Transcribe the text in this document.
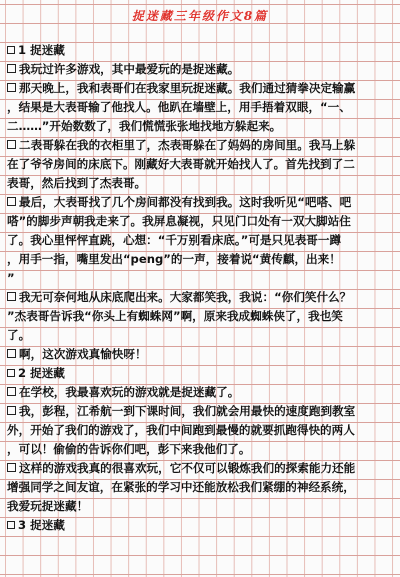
捉迷藏三年级作文8篇
1 捉迷藏
我玩过许多游戏，其中最爱玩的是捉迷藏。
那天晚上，我和表哥们在我家里玩捉迷藏。我们通过猜拳决定输赢
，结果是大表哥输了他找人。他趴在墙壁上，用手捂着双眼，“一、
二……”开始数数了，我们慌慌张张地找地方躲起来。
二表哥躲在我的衣柜里了，杰表哥躲在了妈妈的房间里。我马上躲
在了爷爷房间的床底下。刚藏好大表哥就开始找人了。首先找到了二
表哥，然后找到了杰表哥。
最后，大表哥找了几个房间都没有找到我。这时我听见“吧嗒、吧
嗒”的脚步声朝我走来了。我屏息凝视，只见门口处有一双大脚站住
了。我心里怦怦直跳，心想：“千万别看床底。”可是只见表哥一蹲
，用手一指，嘴里发出“peng”的一声，接着说“黄传麒，出来！
”
我无可奈何地从床底爬出来。大家都笑我，我说：“你们笑什么？
”杰表哥告诉我“你头上有蜘蛛网”啊，原来我成蜘蛛侠了，我也笑
了。
啊，这次游戏真愉快呀！
2 捉迷藏
在学校，我最喜欢玩的游戏就是捉迷藏了。
我，彭程，江希航一到下课时间，我们就会用最快的速度跑到教室
外，开始了我们的游戏了，我们中间跑到最慢的就要抓跑得快的两人
，可以！偷偷的告诉你们吧，彭下来我他们了。
这样的游戏我真的很喜欢玩，它不仅可以锻炼我们的探索能力还能
增强同学之间友谊，在紧张的学习中还能放松我们紧绷的神经系统，
我爱玩捉迷藏！
3 捉迷藏
